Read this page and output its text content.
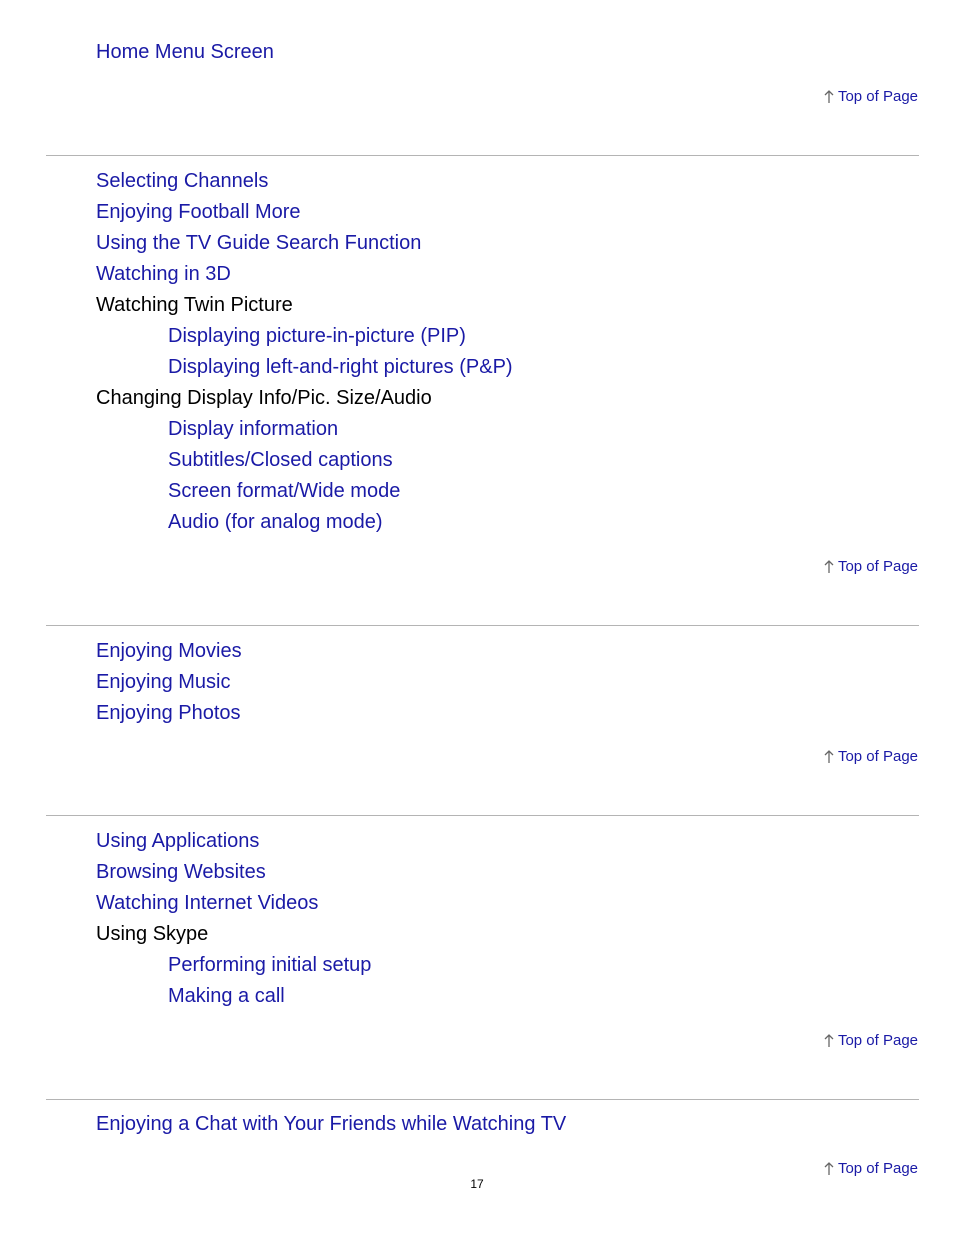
Home Menu Screen
Top of Page
Selecting Channels
Enjoying Football More
Using the TV Guide Search Function
Watching in 3D
Watching Twin Picture
Displaying picture-in-picture (PIP)
Displaying left-and-right pictures (P&P)
Changing Display Info/Pic. Size/Audio
Display information
Subtitles/Closed captions
Screen format/Wide mode
Audio (for analog mode)
Top of Page
Enjoying Movies
Enjoying Music
Enjoying Photos
Top of Page
Using Applications
Browsing Websites
Watching Internet Videos
Using Skype
Performing initial setup
Making a call
Top of Page
Enjoying a Chat with Your Friends while Watching TV
Top of Page
17
